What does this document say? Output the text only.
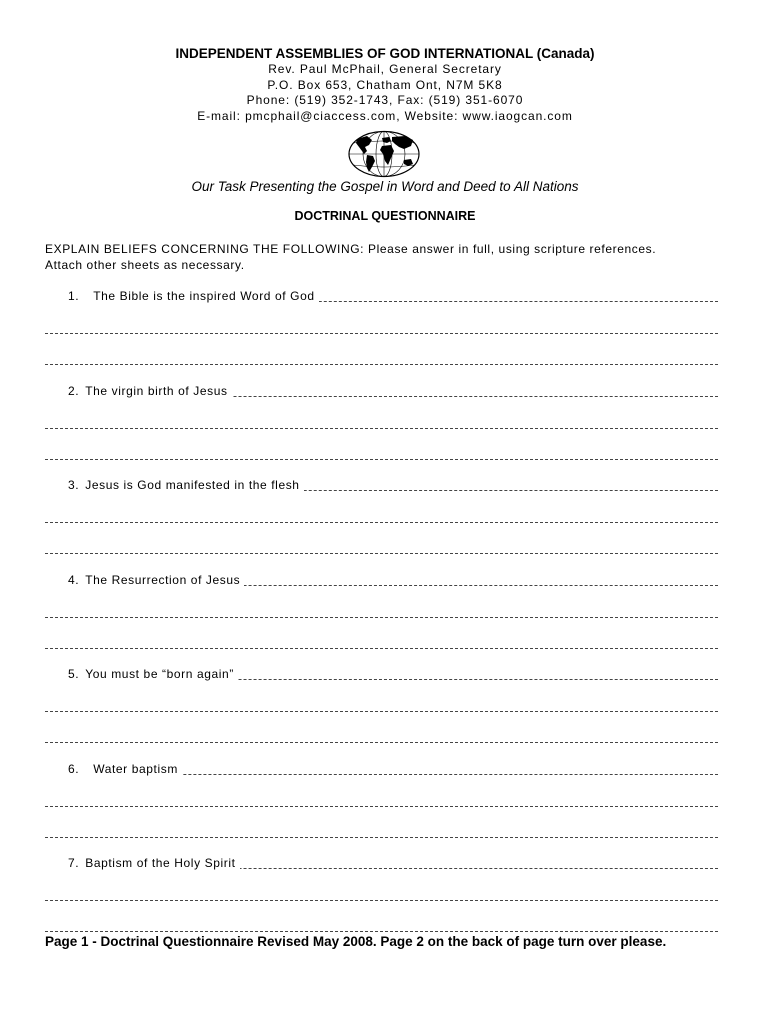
INDEPENDENT ASSEMBLIES OF GOD INTERNATIONAL (Canada)
Rev. Paul McPhail, General Secretary
P.O. Box 653, Chatham Ont, N7M 5K8
Phone: (519) 352-1743, Fax: (519) 351-6070
E-mail: pmcphail@ciaccess.com, Website: www.iaogcan.com
Our Task Presenting the Gospel in Word and Deed to All Nations
DOCTRINAL QUESTIONNAIRE
EXPLAIN BELIEFS CONCERNING THE FOLLOWING: Please answer in full, using scripture references.
Attach other sheets as necessary.
1. The Bible is the inspired Word of God
2. The virgin birth of Jesus
3. Jesus is God manifested in the flesh
4. The Resurrection of Jesus
5. You must be “born again”
6. Water baptism
7. Baptism of the Holy Spirit
Page 1 - Doctrinal Questionnaire Revised May 2008. Page 2 on the back of page turn over please.
